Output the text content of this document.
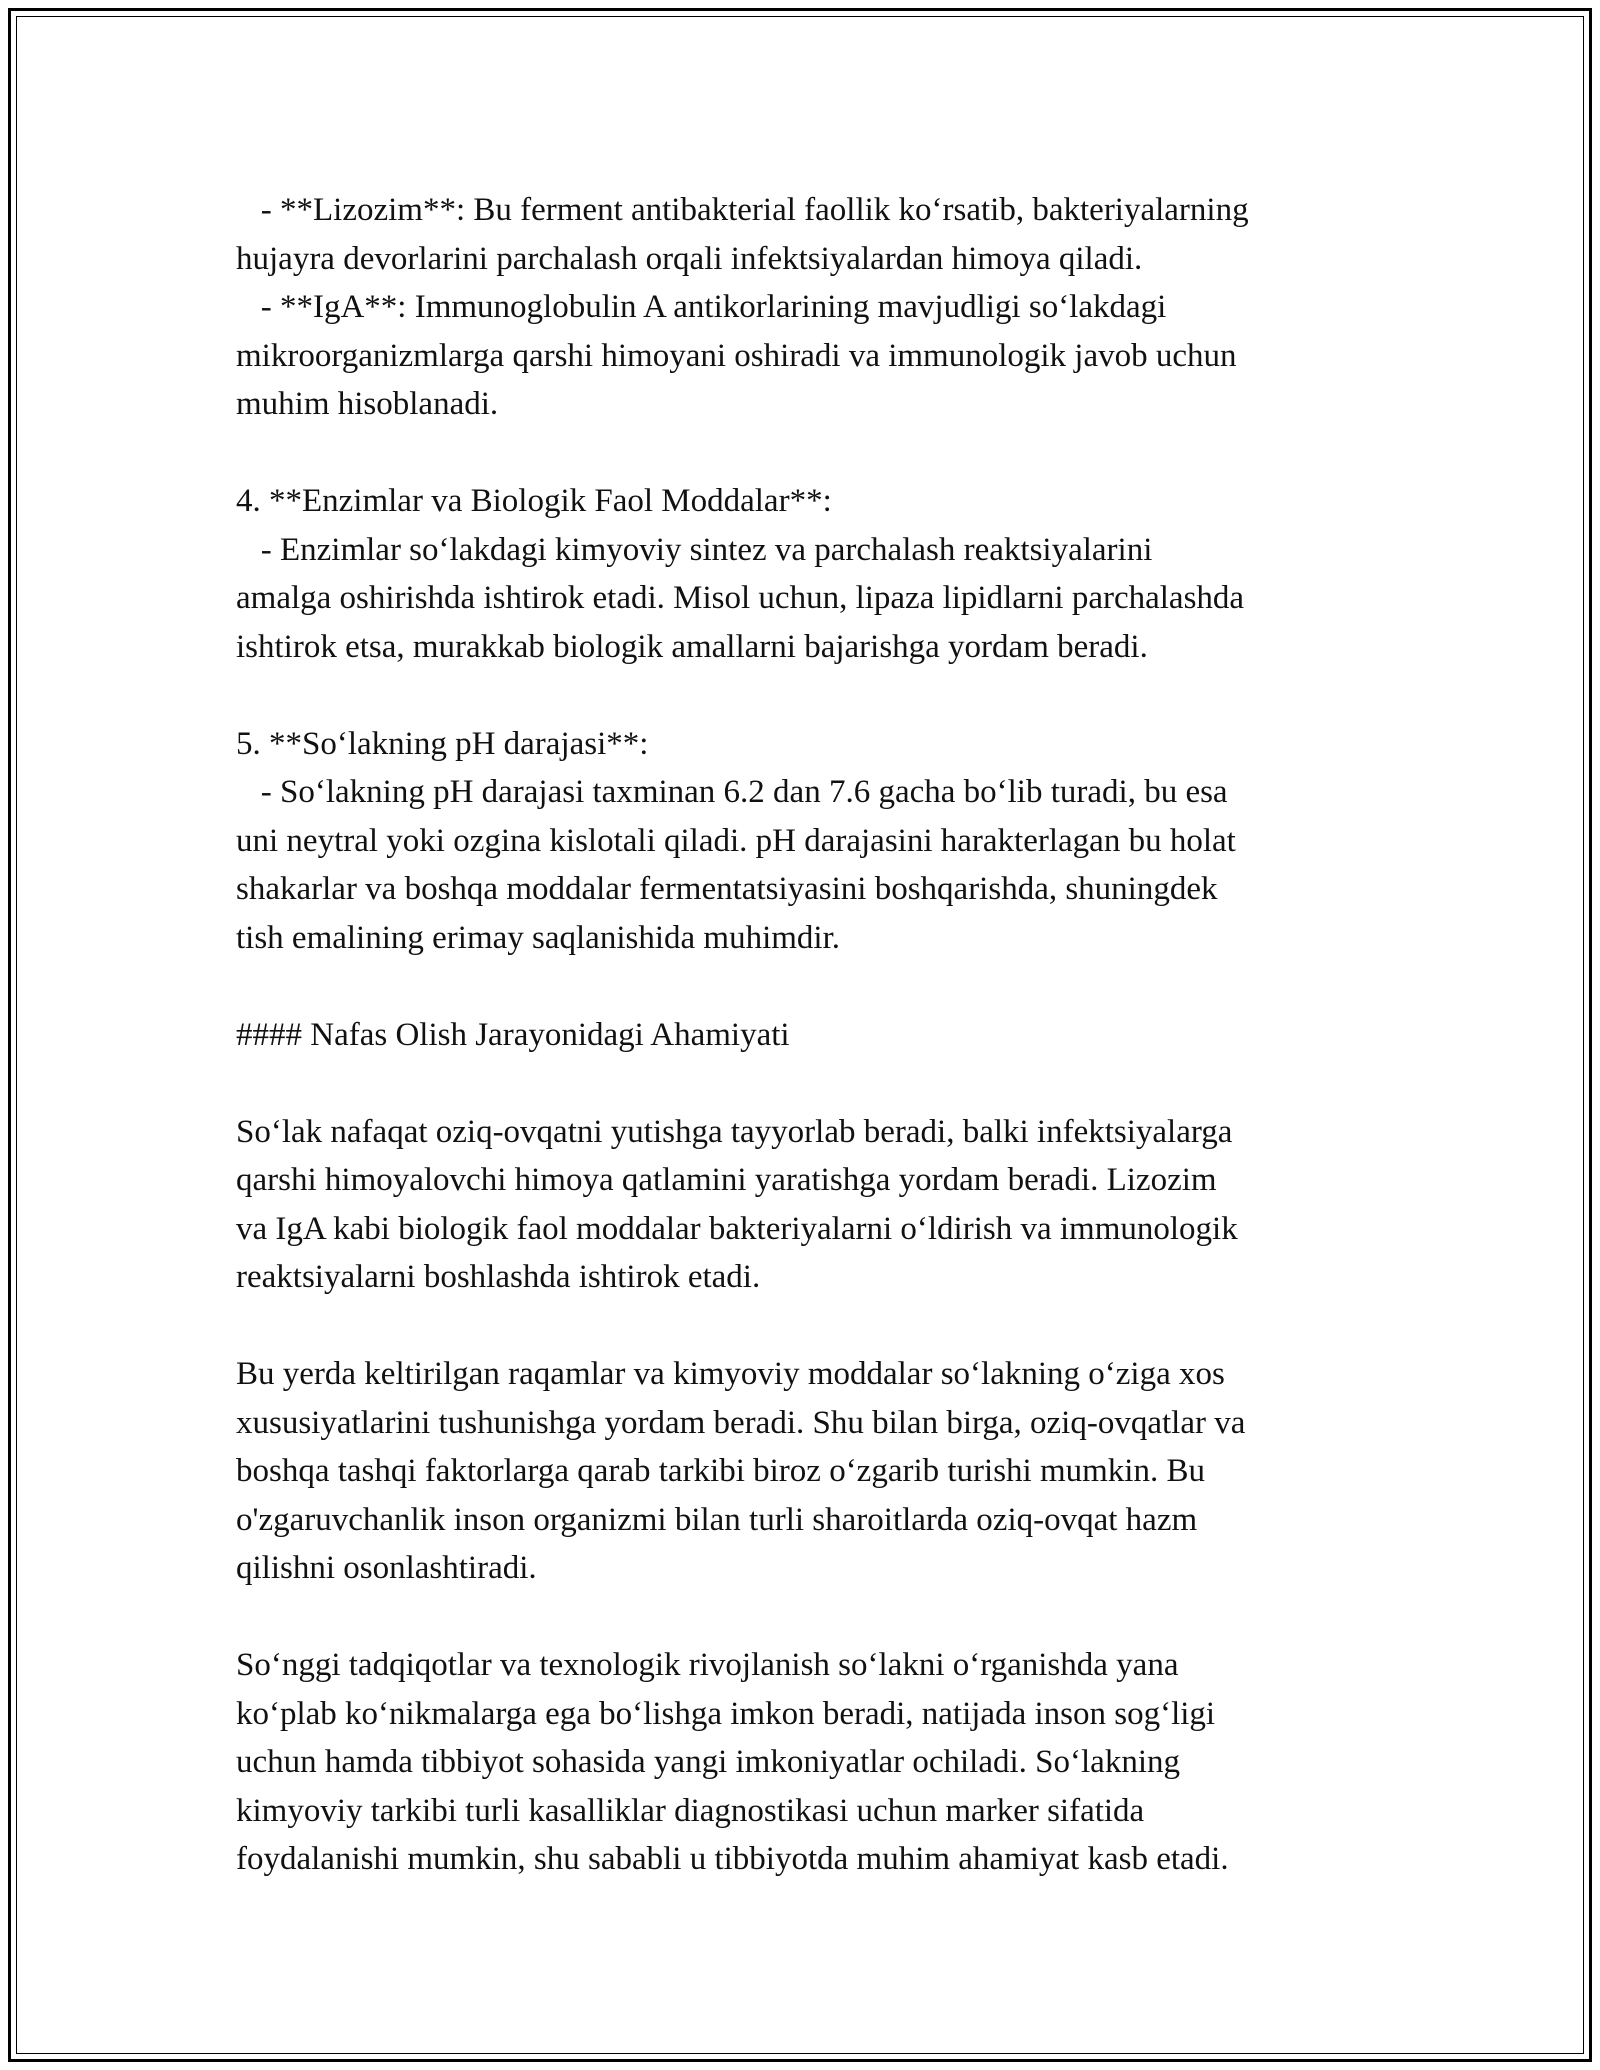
- **Lizozim**: Bu ferment antibakterial faollik ko‘rsatib, bakteriyalarning

hujayra devorlarini parchalash orqali infektsiyalardan himoya qiladi.

- **IgA**: Immunoglobulin A antikorlarining mavjudligi so‘lakdagi

mikroorganizmlarga qarshi himoyani oshiradi va immunologik javob uchun

muhim hisoblanadi.

4. **Enzimlar va Biologik Faol Moddalar**:

- Enzimlar so‘lakdagi kimyoviy sintez va parchalash reaktsiyalarini

amalga oshirishda ishtirok etadi. Misol uchun, lipaza lipidlarni parchalashda

ishtirok etsa, murakkab biologik amallarni bajarishga yordam beradi.

5. **So‘lakning pH darajasi**:

- So‘lakning pH darajasi taxminan 6.2 dan 7.6 gacha bo‘lib turadi, bu esa

uni neytral yoki ozgina kislotali qiladi. pH darajasini harakterlagan bu holat

shakarlar va boshqa moddalar fermentatsiyasini boshqarishda, shuningdek

tish emalining erimay saqlanishida muhimdir.

#### Nafas Olish Jarayonidagi Ahamiyati

So‘lak nafaqat oziq-ovqatni yutishga tayyorlab beradi, balki infektsiyalarga

qarshi himoyalovchi himoya qatlamini yaratishga yordam beradi. Lizozim

va IgA kabi biologik faol moddalar bakteriyalarni o‘ldirish va immunologik

reaktsiyalarni boshlashda ishtirok etadi.

Bu yerda keltirilgan raqamlar va kimyoviy moddalar so‘lakning o‘ziga xos

xususiyatlarini tushunishga yordam beradi. Shu bilan birga, oziq-ovqatlar va

boshqa tashqi faktorlarga qarab tarkibi biroz o‘zgarib turishi mumkin. Bu

o'zgaruvchanlik inson organizmi bilan turli sharoitlarda oziq-ovqat hazm

qilishni osonlashtiradi.

So‘nggi tadqiqotlar va texnologik rivojlanish so‘lakni o‘rganishda yana

ko‘plab ko‘nikmalarga ega bo‘lishga imkon beradi, natijada inson sog‘ligi

uchun hamda tibbiyot sohasida yangi imkoniyatlar ochiladi. So‘lakning

kimyoviy tarkibi turli kasalliklar diagnostikasi uchun marker sifatida

foydalanishi mumkin, shu sababli u tibbiyotda muhim ahamiyat kasb etadi.
